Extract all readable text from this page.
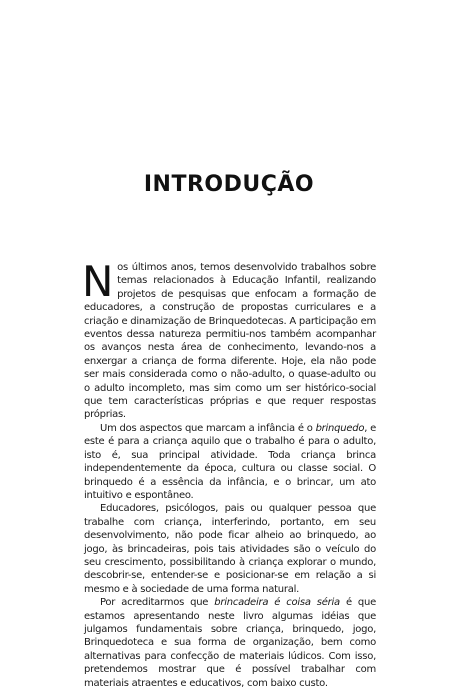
INTRODUÇÃO

Nos últimos anos, temos desenvolvido trabalhos sobre temas relacionados à Educação Infantil, realizando projetos de pesquisas que enfocam a formação de educadores, a construção de propostas curriculares e a criação e dinamização de Brinquedotecas. A participação em eventos dessa natureza permitiu-nos também acompanhar os avanços nesta área de conhecimento, levando-nos a enxergar a criança de forma diferente. Hoje, ela não pode ser mais considerada como o não-adulto, o quase-adulto ou o adulto incompleto, mas sim como um ser histórico-social que tem características próprias e que requer respostas próprias.

Um dos aspectos que marcam a infância é o brinquedo, e este é para a criança aquilo que o trabalho é para o adulto, isto é, sua principal atividade. Toda criança brinca independentemente da época, cultura ou classe social. O brinquedo é a essência da infância, e o brincar, um ato intuitivo e espontâneo.

Educadores, psicólogos, pais ou qualquer pessoa que trabalhe com criança, interferindo, portanto, em seu desenvolvimento, não pode ficar alheio ao brinquedo, ao jogo, às brincadeiras, pois tais atividades são o veículo do seu crescimento, possibilitando à criança explorar o mundo, descobrir-se, entender-se e posicionar-se em relação a si mesmo e à sociedade de uma forma natural.

Por acreditarmos que brincadeira é coisa séria é que estamos apresentando neste livro algumas idéias que julgamos fundamentais sobre criança, brinquedo, jogo, Brinquedoteca e sua forma de organização, bem como alternativas para confecção de materiais lúdicos. Com isso, pretendemos mostrar que é possível trabalhar com materiais atraentes e educativos, com baixo custo.
